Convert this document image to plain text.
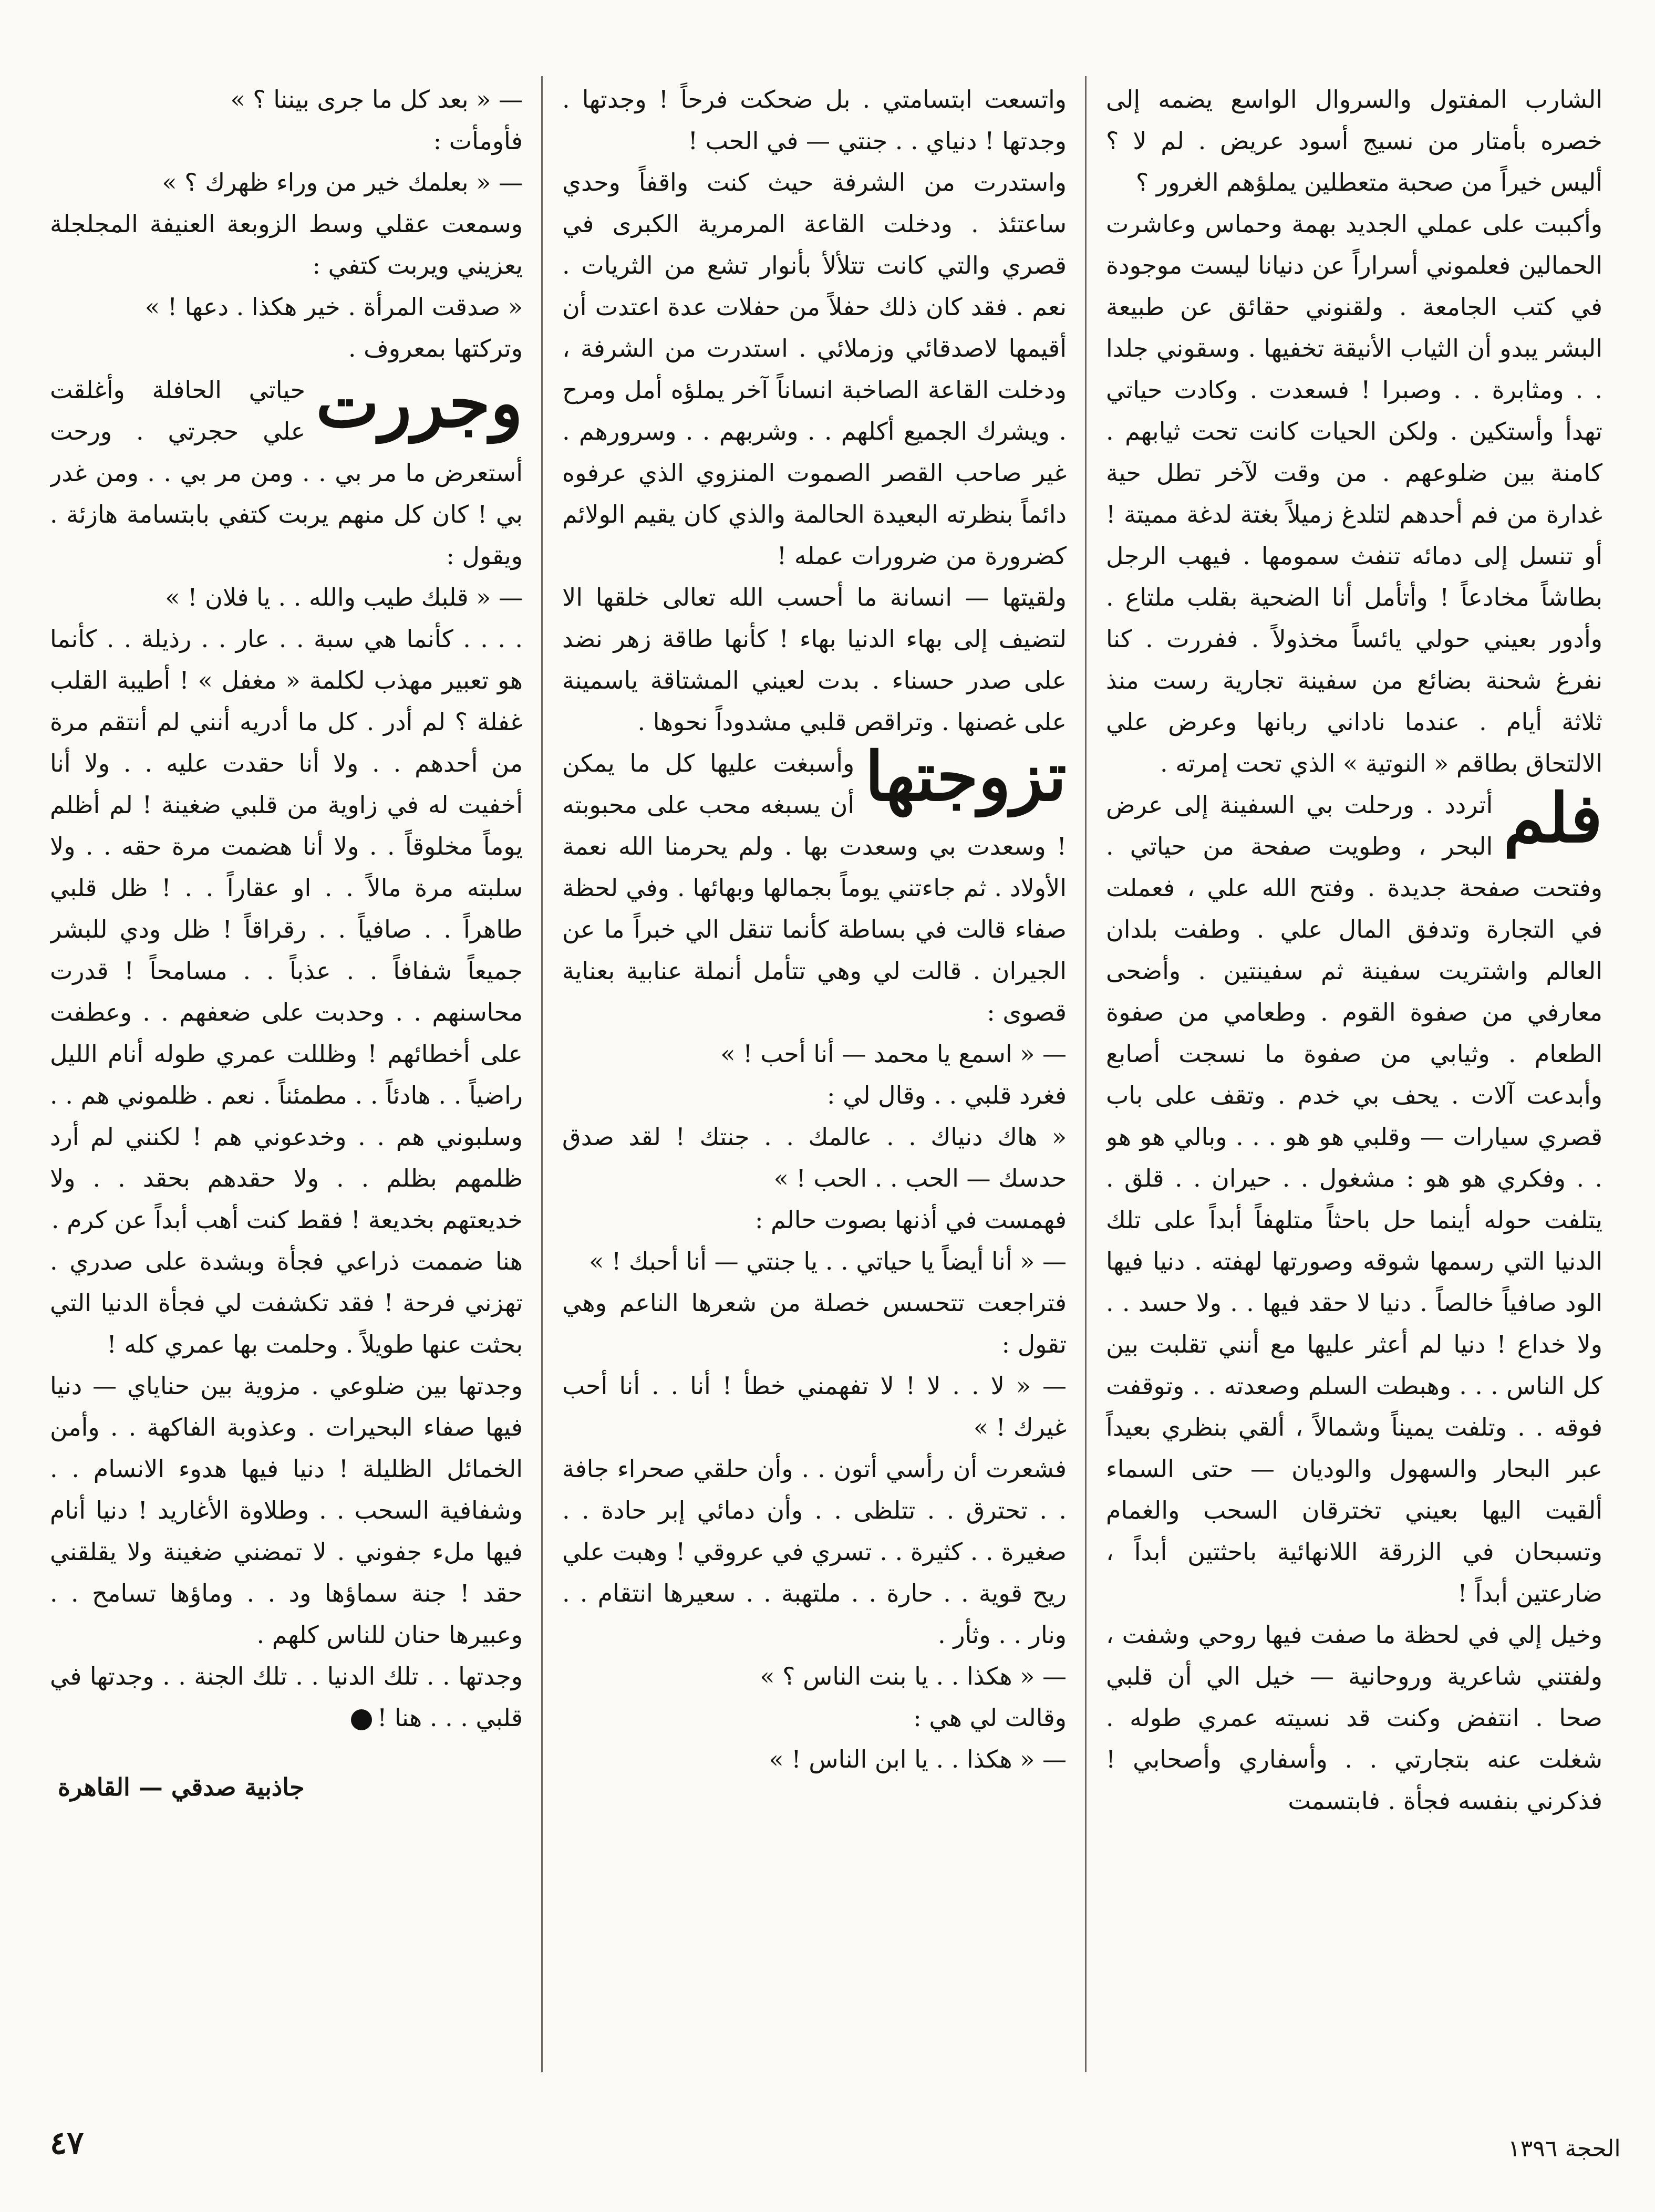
الشارب المفتول والسروال الواسع يضمه إلى خصره بأمتار من نسيج أسود عريض . لم لا ؟ أليس خيراً من صحبة متعطلين يملؤهم الغرور ؟

وأكببت على عملي الجديد بهمة وحماس وعاشرت الحمالين فعلموني أسراراً عن دنيانا ليست موجودة في كتب الجامعة . ولقنوني حقائق عن طبيعة البشر يبدو أن الثياب الأنيقة تخفيها . وسقوني جلدا . . ومثابرة . . وصبرا ! فسعدت . وكادت حياتي تهدأ وأستكين . ولكن الحيات كانت تحت ثيابهم . كامنة بين ضلوعهم . من وقت لآخر تطل حية غدارة من فم أحدهم لتلدغ زميلاً بغتة لدغة مميتة ! أو تنسل إلى دمائه تنفث سمومها . فيهب الرجل بطاشاً مخادعاً ! وأتأمل أنا الضحية بقلب ملتاع . وأدور بعيني حولي يائساً مخذولاً . ففررت . كنا نفرغ شحنة بضائع من سفينة تجارية رست منذ ثلاثة أيام . عندما ناداني ربانها وعرض علي الالتحاق بطاقم « النوتية » الذي تحت إمرته .

فلم
أتردد . ورحلت بي السفينة إلى عرض البحر ، وطويت صفحة من حياتي . وفتحت صفحة جديدة . وفتح الله علي ، فعملت في التجارة وتدفق المال علي . وطفت بلدان العالم واشتريت سفينة ثم سفينتين . وأضحى معارفي من صفوة القوم . وطعامي من صفوة الطعام . وثيابي من صفوة ما نسجت أصابع وأبدعت آلات . يحف بي خدم . وتقف على باب قصري سيارات — وقلبي هو هو . . . وبالي هو هو . . وفكري هو هو : مشغول . . حيران . . قلق . يتلفت حوله أينما حل باحثاً متلهفاً أبداً على تلك الدنيا التي رسمها شوقه وصورتها لهفته . دنيا فيها الود صافياً خالصاً . دنيا لا حقد فيها . . ولا حسد . . ولا خداع ! دنيا لم أعثر عليها مع أنني تقلبت بين كل الناس . . . وهبطت السلم وصعدته . . وتوقفت فوقه . . وتلفت يميناً وشمالاً ، ألقي بنظري بعيداً عبر البحار والسهول والوديان — حتى السماء ألقيت اليها بعيني تخترقان السحب والغمام وتسبحان في الزرقة اللانهائية باحثتين أبداً ، ضارعتين أبداً !

وخيل إلي في لحظة ما صفت فيها روحي وشفت ، ولفتني شاعرية وروحانية — خيل الي أن قلبي صحا . انتفض وكنت قد نسيته عمري طوله . شغلت عنه بتجارتي . . وأسفاري وأصحابي ! فذكرني بنفسه فجأة . فابتسمت

واتسعت ابتسامتي . بل ضحكت فرحاً ! وجدتها . وجدتها ! دنياي . . جنتي — في الحب !

واستدرت من الشرفة حيث كنت واقفاً وحدي ساعتئذ . ودخلت القاعة المرمرية الكبرى في قصري والتي كانت تتلألأ بأنوار تشع من الثريات . نعم . فقد كان ذلك حفلاً من حفلات عدة اعتدت أن أقيمها لاصدقائي وزملائي . استدرت من الشرفة ، ودخلت القاعة الصاخبة انساناً آخر يملؤه أمل ومرح . ويشرك الجميع أكلهم . . وشربهم . . وسرورهم . غير صاحب القصر الصموت المنزوي الذي عرفوه دائماً بنظرته البعيدة الحالمة والذي كان يقيم الولائم كضرورة من ضرورات عمله !

ولقيتها — انسانة ما أحسب الله تعالى خلقها الا لتضيف إلى بهاء الدنيا بهاء ! كأنها طاقة زهر نضد على صدر حسناء . بدت لعيني المشتاقة ياسمينة على غصنها . وتراقص قلبي مشدوداً نحوها .

تزوجتها
وأسبغت عليها كل ما يمكن أن يسبغه محب على محبوبته ! وسعدت بي وسعدت بها . ولم يحرمنا الله نعمة الأولاد . ثم جاءتني يوماً بجمالها وبهائها . وفي لحظة صفاء قالت في بساطة كأنما تنقل الي خبراً ما عن الجيران . قالت لي وهي تتأمل أنملة عنابية بعناية قصوى :

— « اسمع يا محمد — أنا أحب ! »

فغرد قلبي . . وقال لي :

« هاك دنياك . . عالمك . . جنتك ! لقد صدق حدسك — الحب . . الحب ! »

فهمست في أذنها بصوت حالم :

— « أنا أيضاً يا حياتي . . يا جنتي — أنا أحبك ! »

فتراجعت تتحسس خصلة من شعرها الناعم وهي تقول :

— « لا . . لا ! لا تفهمني خطأ ! أنا . . أنا أحب غيرك ! »

فشعرت أن رأسي أتون . . وأن حلقي صحراء جافة . . تحترق . . تتلظى . . وأن دمائي إبر حادة . . صغيرة . . كثيرة . . تسري في عروقي ! وهبت علي ريح قوية . . حارة . . ملتهبة . . سعيرها انتقام . . ونار . . وثأر .

— « هكذا . . يا بنت الناس ؟ »

وقالت لي هي :

— « هكذا . . يا ابن الناس ! »

— « بعد كل ما جرى بيننا ؟ »

فأومأت :

— « بعلمك خير من وراء ظهرك ؟ »

وسمعت عقلي وسط الزوبعة العنيفة المجلجلة يعزيني ويربت كتفي :

« صدقت المرأة . خير هكذا . دعها ! »

وتركتها بمعروف .

وجررت
حياتي الحافلة وأغلقت علي حجرتي . ورحت أستعرض ما مر بي . . ومن مر بي . . ومن غدر بي ! كان كل منهم يربت كتفي بابتسامة هازئة . ويقول :

— « قلبك طيب والله . . يا فلان ! »

. . . . كأنما هي سبة . . عار . . رذيلة . . كأنما هو تعبير مهذب لكلمة « مغفل » ! أطيبة القلب غفلة ؟ لم أدر . كل ما أدريه أنني لم أنتقم مرة من أحدهم . . ولا أنا حقدت عليه . . ولا أنا أخفيت له في زاوية من قلبي ضغينة ! لم أظلم يوماً مخلوقاً . . ولا أنا هضمت مرة حقه . . ولا سلبته مرة مالاً . . او عقاراً . . ! ظل قلبي طاهراً . . صافياً . . رقراقاً ! ظل ودي للبشر جميعاً شفافاً . . عذباً . . مسامحاً ! قدرت محاسنهم . . وحدبت على ضعفهم . . وعطفت على أخطائهم ! وظللت عمري طوله أنام الليل راضياً . . هادئاً . . مطمئناً . نعم . ظلموني هم . . وسلبوني هم . . وخدعوني هم ! لكنني لم أرد ظلمهم بظلم . . ولا حقدهم بحقد . . ولا خديعتهم بخديعة ! فقط كنت أهب أبداً عن كرم .

هنا ضممت ذراعي فجأة وبشدة على صدري . تهزني فرحة ! فقد تكشفت لي فجأة الدنيا التي بحثت عنها طويلاً . وحلمت بها عمري كله !

وجدتها بين ضلوعي . مزوية بين حناياي — دنيا فيها صفاء البحيرات . وعذوبة الفاكهة . . وأمن الخمائل الظليلة ! دنيا فيها هدوء الانسام . . وشفافية السحب . . وطلاوة الأغاريد ! دنيا أنام فيها ملء جفوني . لا تمضني ضغينة ولا يقلقني حقد ! جنة سماؤها ود . . وماؤها تسامح . . وعبيرها حنان للناس كلهم .

وجدتها . . تلك الدنيا . . تلك الجنة . . وجدتها في قلبي . . . هنا !

جاذبية صدقي — القاهرة
٤٧	الحجة ١٣٩٦
